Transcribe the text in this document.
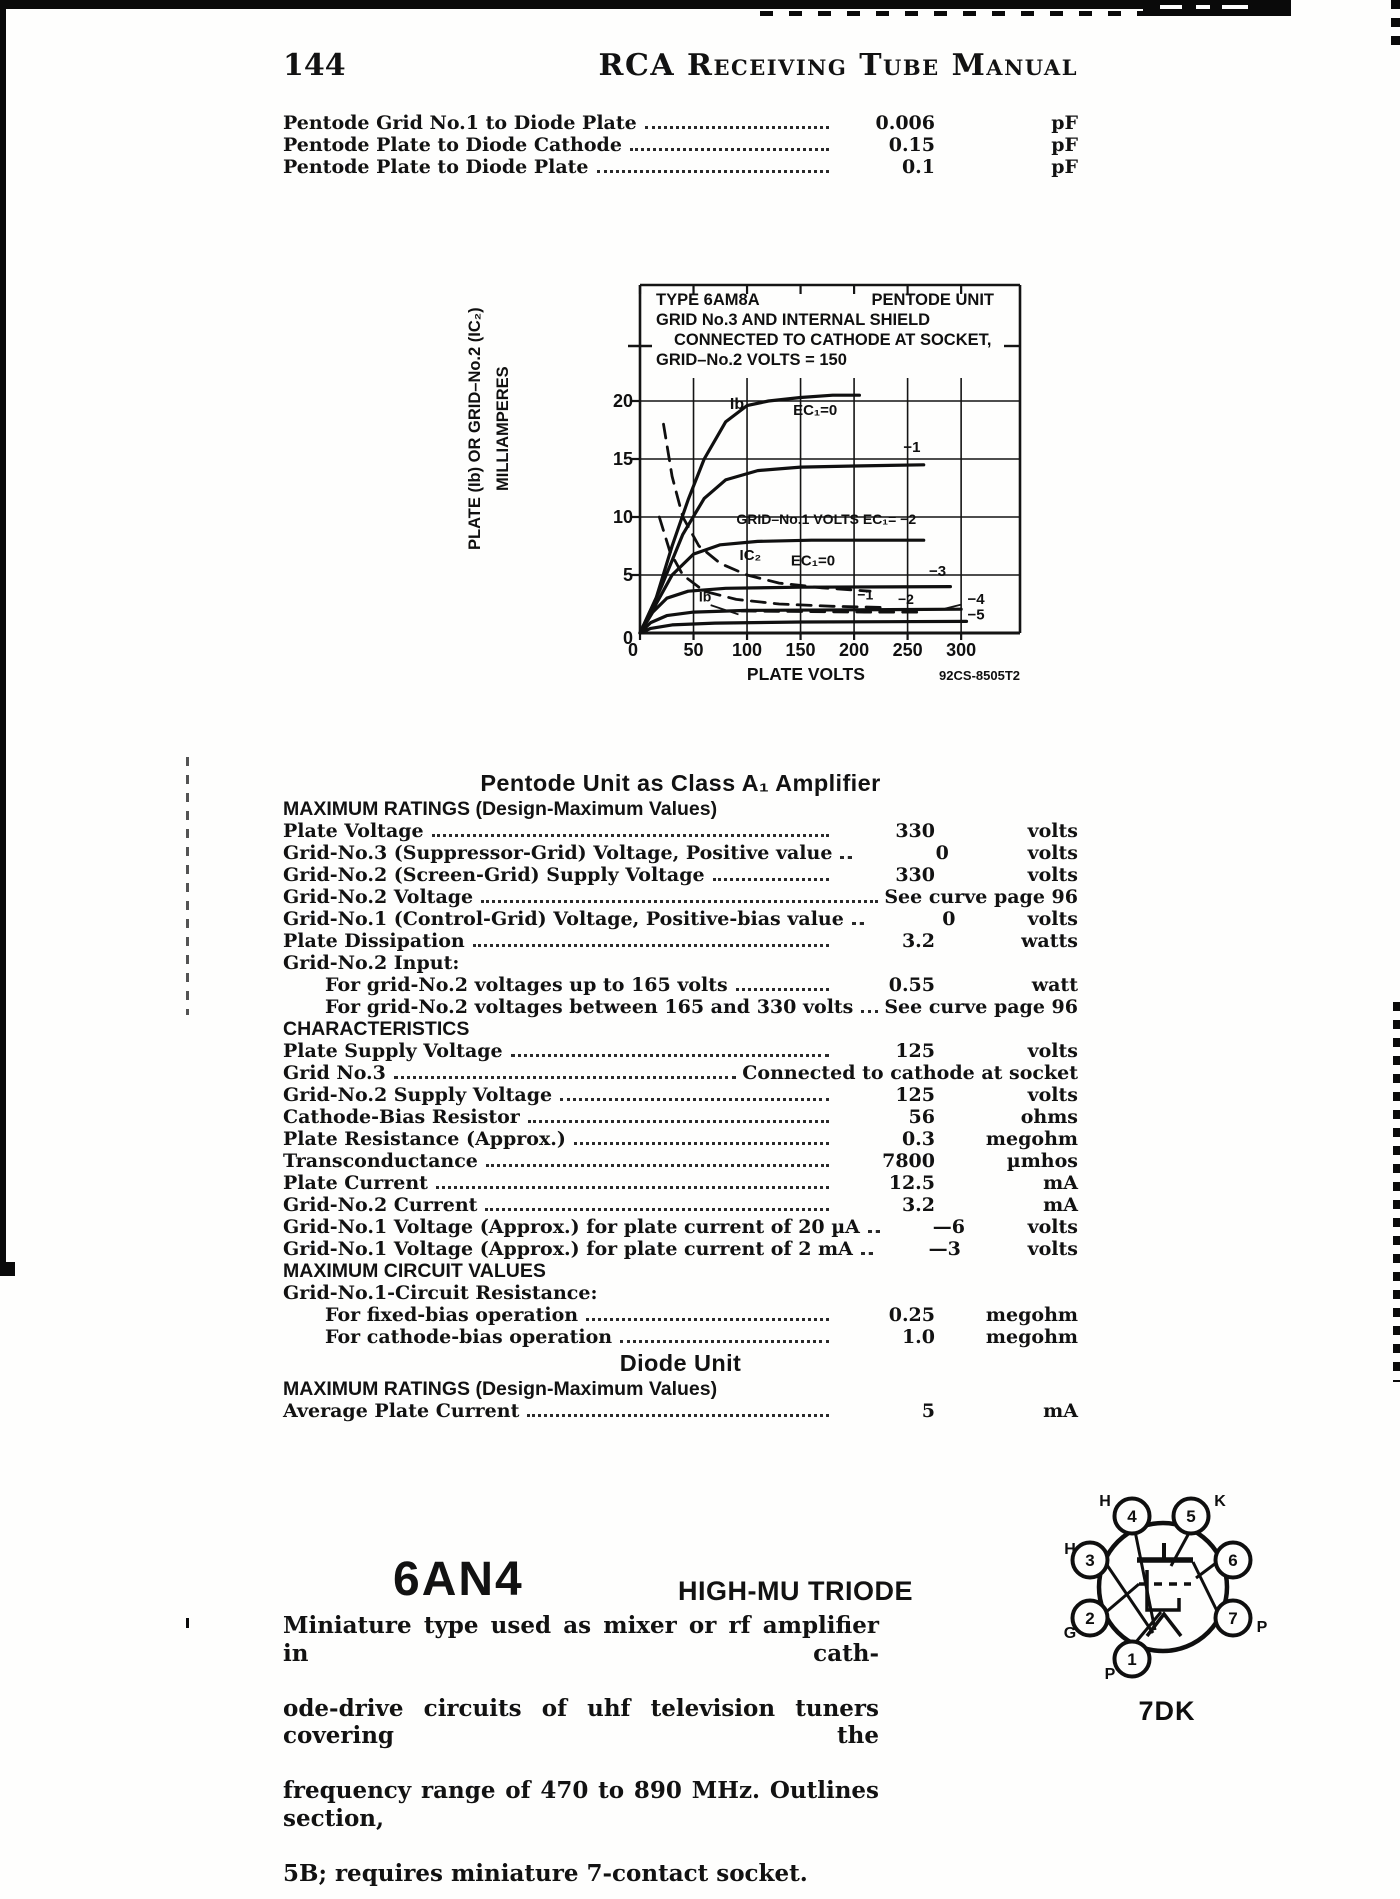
144	RCA Receiving Tube Manual
Pentode Grid No.1 to Diode Plate	0.006	pF
Pentode Plate to Diode Cathode	0.15	pF
Pentode Plate to Diode Plate	0.1	pF
TYPE 6AM8A	PENTODE UNIT
GRID No.3 AND INTERNAL SHIELD
CONNECTED TO CATHODE AT SOCKET,
GRID–No.2 VOLTS = 150
Ib	EC₁=0
−1
GRID–No.1 VOLTS EC₁= −2
IC₂ EC₁=0
−3
Ib	−1 −2	−4
−5
0	50 100 150 200 250 300
5
10
15
20
0
PLATE VOLTS	92CS-8505T2
PLATE (Ib) OR GRID–No.2 (IC₂) MILLIAMPERES
Pentode Unit as Class A₁ Amplifier
MAXIMUM RATINGS (Design-Maximum Values)
Plate Voltage	330	volts
Grid-No.3 (Suppressor-Grid) Voltage, Positive value	0	volts
Grid-No.2 (Screen-Grid) Supply Voltage	330	volts
Grid-No.2 Voltage	See curve page 96
Grid-No.1 (Control-Grid) Voltage, Positive-bias value	0	volts
Plate Dissipation	3.2	watts
Grid-No.2 Input:
For grid-No.2 voltages up to 165 volts	0.55	watt
For grid-No.2 voltages between 165 and 330 volts See curve page 96
CHARACTERISTICS
Plate Supply Voltage	125	volts
Grid No.3	Connected to cathode at socket
Grid-No.2 Supply Voltage	125	volts
Cathode-Bias Resistor	56	ohms
Plate Resistance (Approx.)	0.3	megohm
Transconductance	7800	µmhos
Plate Current	12.5	mA
Grid-No.2 Current	3.2	mA
Grid-No.1 Voltage (Approx.) for plate current of 20 µA	—6	volts
Grid-No.1 Voltage (Approx.) for plate current of 2 mA	—3	volts
MAXIMUM CIRCUIT VALUES
Grid-No.1-Circuit Resistance:
For fixed-bias operation	0.25	megohm
For cathode-bias operation	1.0	megohm
Diode Unit
MAXIMUM RATINGS (Design-Maximum Values)
Average Plate Current	5	mA
6AN4	HIGH-MU TRIODE
Miniature type used as mixer or rf amplifier in cath-
ode-drive circuits of uhf television tuners covering the
frequency range of 470 to 890 MHz. Outlines section,
5B; requires miniature 7-contact socket.
1
P
2
G
3
H
4
H
5
K
6
7 P
7DK
